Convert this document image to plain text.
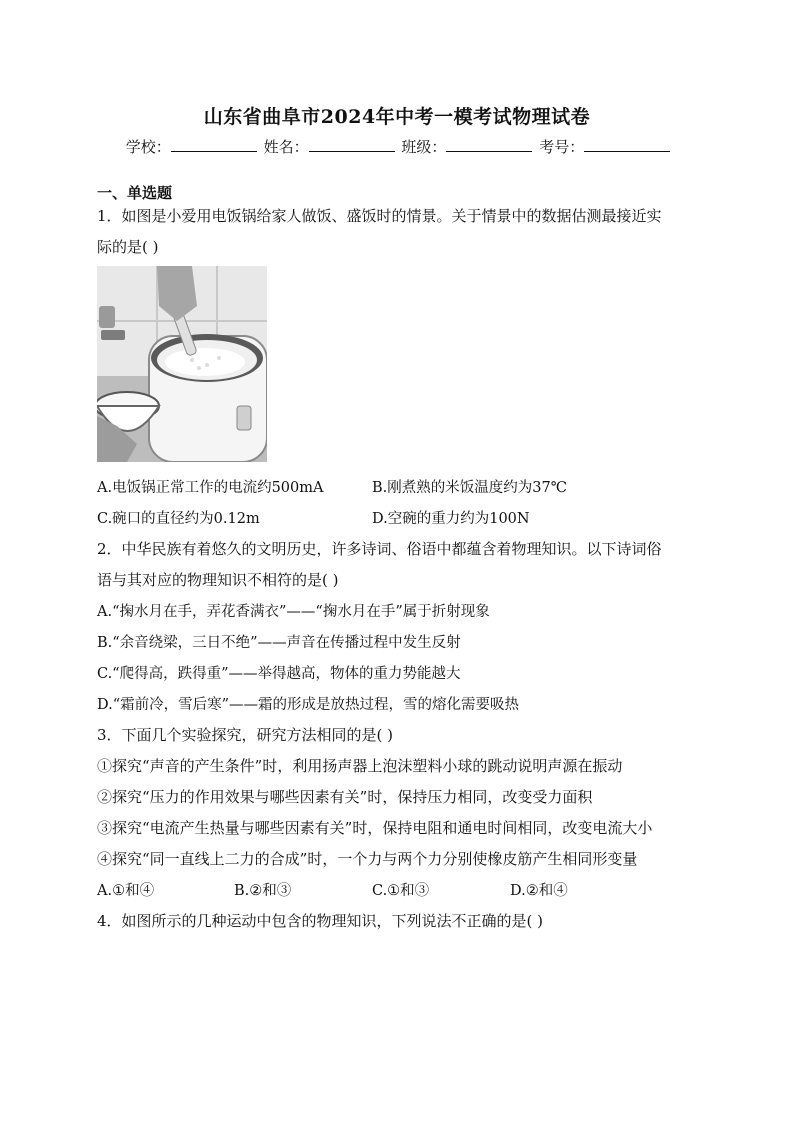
山东省曲阜市2024年中考一模考试物理试卷
学校：	姓名：	班级：	考号：
一、单选题
1．如图是小爱用电饭锅给家人做饭、盛饭时的情景。关于情景中的数据估测最接近实
际的是( )
A.电饭锅正常工作的电流约500mA	B.刚煮熟的米饭温度约为37℃
C.碗口的直径约为0.12m	D.空碗的重力约为100N
2．中华民族有着悠久的文明历史，许多诗词、俗语中都蕴含着物理知识。以下诗词俗
语与其对应的物理知识不相符的是( )
A.“掬水月在手，弄花香满衣”——“掬水月在手”属于折射现象
B.“余音绕梁，三日不绝”——声音在传播过程中发生反射
C.“爬得高，跌得重”——举得越高，物体的重力势能越大
D.“霜前冷，雪后寒”——霜的形成是放热过程，雪的熔化需要吸热
3．下面几个实验探究，研究方法相同的是( )
①探究“声音的产生条件”时，利用扬声器上泡沫塑料小球的跳动说明声源在振动
②探究“压力的作用效果与哪些因素有关”时，保持压力相同，改变受力面积
③探究“电流产生热量与哪些因素有关”时，保持电阻和通电时间相同，改变电流大小
④探究“同一直线上二力的合成”时，一个力与两个力分别使橡皮筋产生相同形变量
A.①和④	B.②和③	C.①和③	D.②和④
4．如图所示的几种运动中包含的物理知识，下列说法不正确的是( )
